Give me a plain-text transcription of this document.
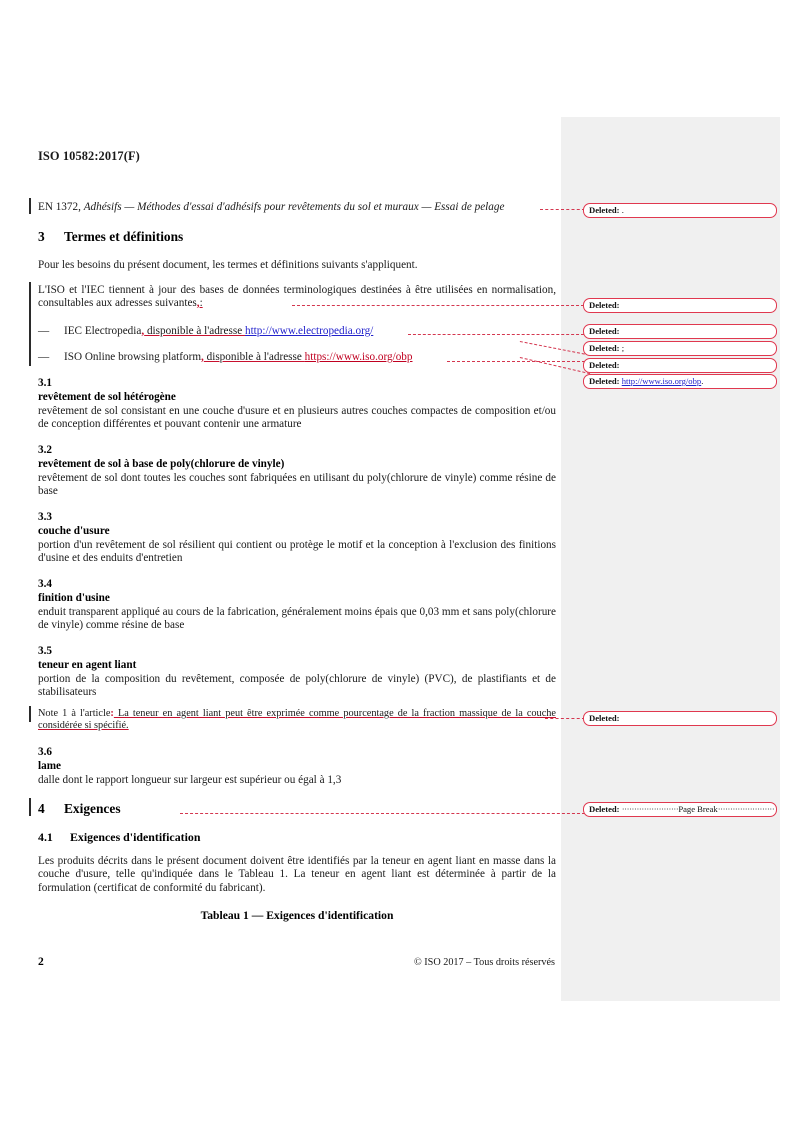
ISO 10582:2017(F)
EN 1372, Adhésifs — Méthodes d'essai d'adhésifs pour revêtements du sol et muraux — Essai de pelage
3 Termes et définitions
Pour les besoins du présent document, les termes et définitions suivants s'appliquent.
L'ISO et l'IEC tiennent à jour des bases de données terminologiques destinées à être utilisées en normalisation, consultables aux adresses suivantes,:
—	IEC Electropedia, disponible à l'adresse http://www.electropedia.org/
—	ISO Online browsing platform, disponible à l'adresse https://www.iso.org/obp
3.1
revêtement de sol hétérogène
revêtement de sol consistant en une couche d'usure et en plusieurs autres couches compactes de composition et/ou de conception différentes et pouvant contenir une armature
3.2
revêtement de sol à base de poly(chlorure de vinyle)
revêtement de sol dont toutes les couches sont fabriquées en utilisant du poly(chlorure de vinyle) comme résine de base
3.3
couche d'usure
portion d'un revêtement de sol résilient qui contient ou protège le motif et la conception à l'exclusion des finitions d'usine et des enduits d'entretien
3.4
finition d'usine
enduit transparent appliqué au cours de la fabrication, généralement moins épais que 0,03 mm et sans poly(chlorure de vinyle) comme résine de base
3.5
teneur en agent liant
portion de la composition du revêtement, composée de poly(chlorure de vinyle) (PVC), de plastifiants et de stabilisateurs
Note 1 à l'article: La teneur en agent liant peut être exprimée comme pourcentage de la fraction massique de la couche considérée si spécifié.
3.6
lame
dalle dont le rapport longueur sur largeur est supérieur ou égal à 1,3
4 Exigences
4.1 Exigences d'identification
Les produits décrits dans le présent document doivent être identifiés par la teneur en agent liant en masse dans la couche d'usure, telle qu'indiquée dans le Tableau 1. La teneur en agent liant est déterminée à partir de la formulation (certificat de conformité du fabricant).
Tableau 1 — Exigences d'identification
2	© ISO 2017 – Tous droits réservés
Deleted: .
Deleted:
Deleted:
Deleted: ;
Deleted:
Deleted: http://www.iso.org/obp.
Deleted:
Deleted: ·······················Page Break·······················
